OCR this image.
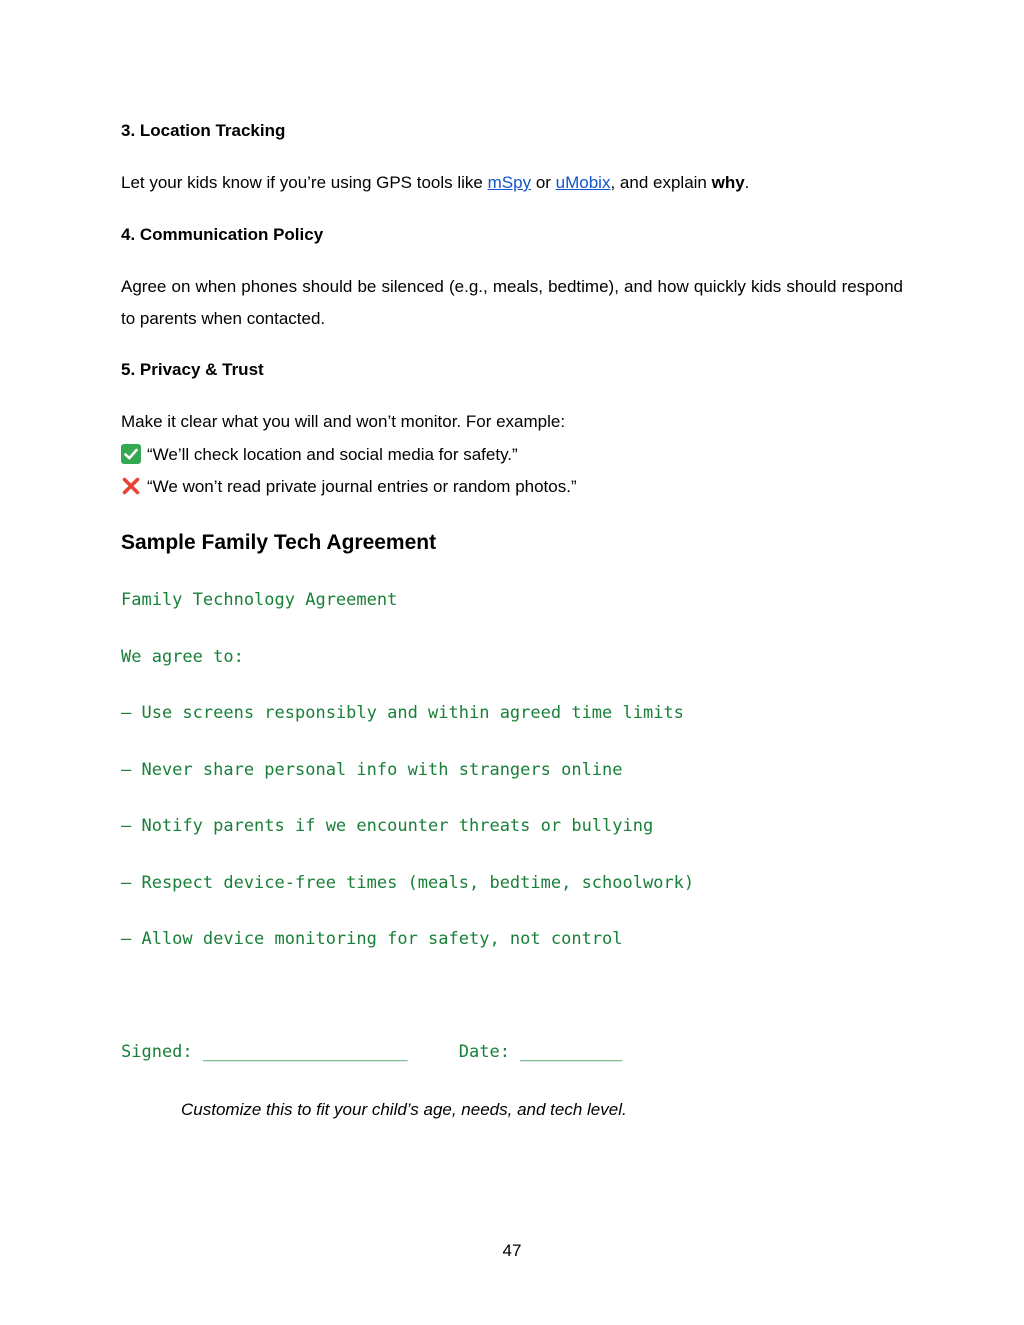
3. Location Tracking
Let your kids know if you’re using GPS tools like mSpy or uMobix, and explain why.
4. Communication Policy
Agree on when phones should be silenced (e.g., meals, bedtime), and how quickly kids should respond to parents when contacted.
5. Privacy & Trust
Make it clear what you will and won’t monitor. For example:
“We’ll check location and social media for safety.”
“We won’t read private journal entries or random photos.”
Sample Family Tech Agreement
Family Technology Agreement
We agree to:
— Use screens responsibly and within agreed time limits
— Never share personal info with strangers online
— Notify parents if we encounter threats or bullying
— Respect device-free times (meals, bedtime, schoolwork)
— Allow device monitoring for safety, not control
Signed: ____________________     Date: __________
Customize this to fit your child’s age, needs, and tech level.
47
